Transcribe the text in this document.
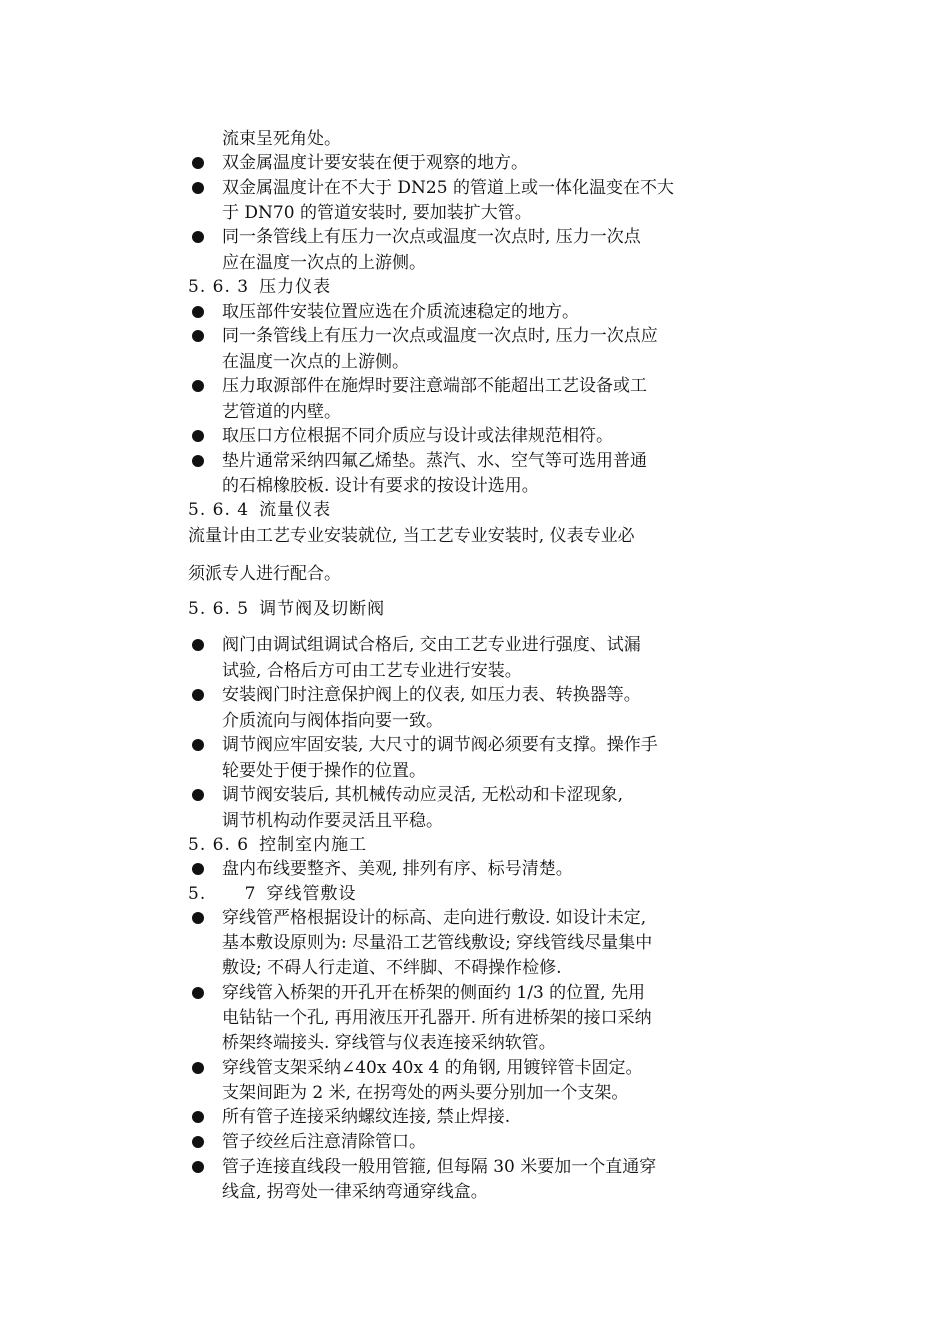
流束呈死角处。
双金属温度计要安装在便于观察的地方。
双金属温度计在不大于 DN25 的管道上或一体化温变在不大
于 DN70 的管道安装时, 要加装扩大管。
同一条管线上有压力一次点或温度一次点时, 压力一次点
应在温度一次点的上游侧。
5. 6. 3 压力仪表
取压部件安装位置应选在介质流速稳定的地方。
同一条管线上有压力一次点或温度一次点时, 压力一次点应
在温度一次点的上游侧。
压力取源部件在施焊时要注意端部不能超出工艺设备或工
艺管道的内壁。
取压口方位根据不同介质应与设计或法律规范相符。
垫片通常采纳四氟乙烯垫。蒸汽、水、空气等可选用普通
的石棉橡胶板. 设计有要求的按设计选用。
5. 6. 4 流量仪表
流量计由工艺专业安装就位, 当工艺专业安装时, 仪表专业必
须派专人进行配合。
5. 6. 5 调节阀及切断阀
阀门由调试组调试合格后, 交由工艺专业进行强度、试漏
试验, 合格后方可由工艺专业进行安装。
安装阀门时注意保护阀上的仪表, 如压力表、转换器等。
介质流向与阀体指向要一致。
调节阀应牢固安装, 大尺寸的调节阀必须要有支撑。操作手
轮要处于便于操作的位置。
调节阀安装后, 其机械传动应灵活, 无松动和卡涩现象,
调节机构动作要灵活且平稳。
5. 6. 6 控制室内施工
盘内布线要整齐、美观, 排列有序、标号清楚。
5.      7 穿线管敷设
穿线管严格根据设计的标高、走向进行敷设. 如设计未定,
基本敷设原则为: 尽量沿工艺管线敷设; 穿线管线尽量集中
敷设; 不碍人行走道、不绊脚、不碍操作检修.
穿线管入桥架的开孔开在桥架的侧面约 1/3 的位置, 先用
电钻钻一个孔, 再用液压开孔器开. 所有进桥架的接口采纳
桥架终端接头. 穿线管与仪表连接采纳软管。
穿线管支架采纳∠40x 40x 4 的角钢, 用镀锌管卡固定。
支架间距为 2 米, 在拐弯处的两头要分别加一个支架。
所有管子连接采纳螺纹连接, 禁止焊接.
管子绞丝后注意清除管口。
管子连接直线段一般用管箍, 但每隔 30 米要加一个直通穿
线盒, 拐弯处一律采纳弯通穿线盒。
